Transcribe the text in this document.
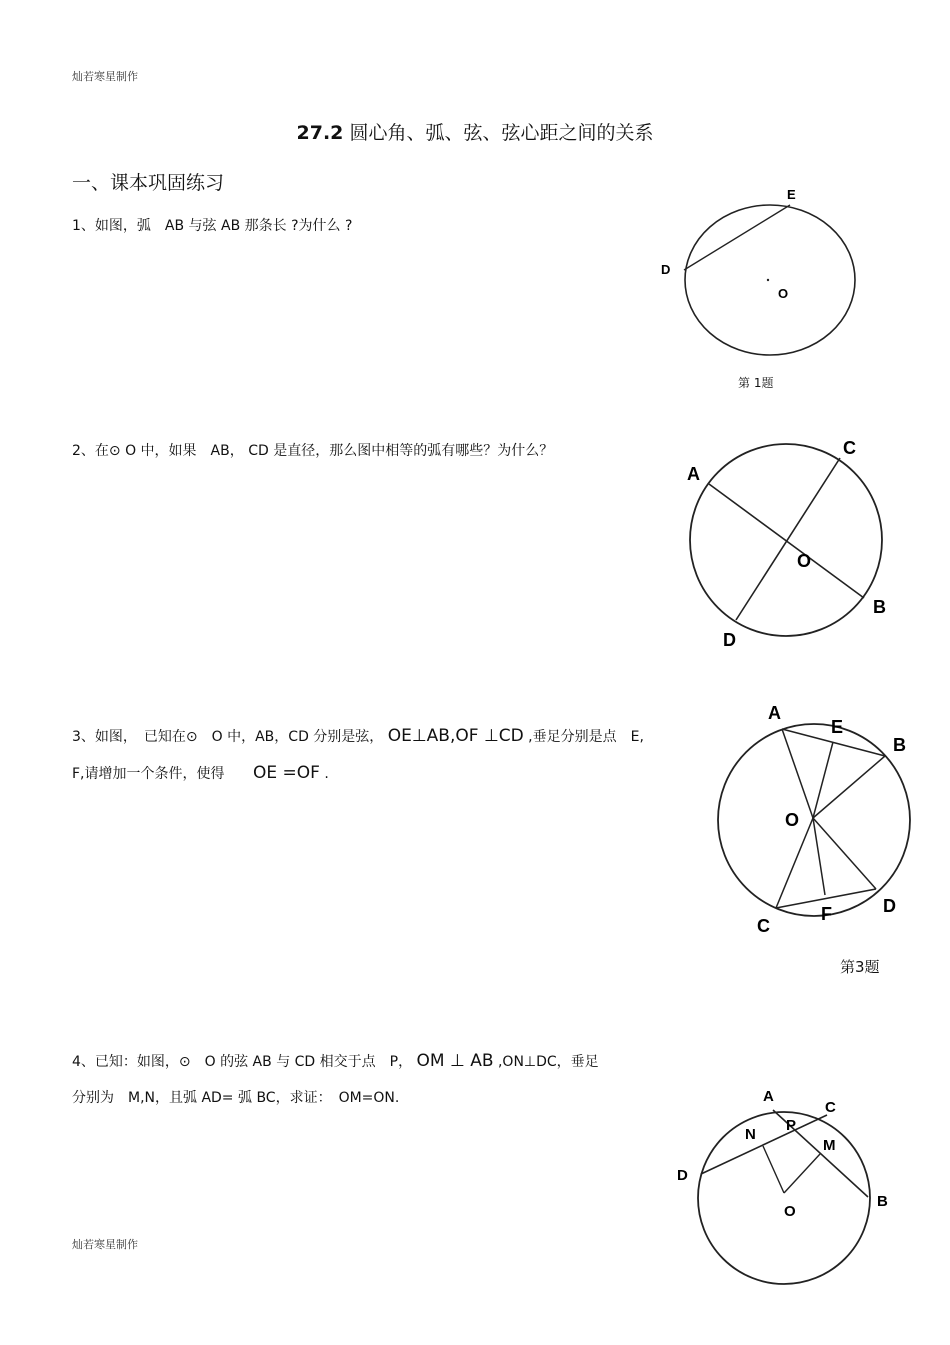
灿若寒星制作
27.2 圆心角、弧、弦、弦心距之间的关系
一、课本巩固练习
1、如图，弧　AB 与弦 AB 那条长 ?为什么 ?
E
D
O
第 1题
2、在⊙ O 中，如果　AB， CD 是直径，那么图中相等的弧有哪些？为什么？
A
C
O
B
D
3、如图，　已知在⊙　O 中，AB，CD 分别是弦， OE⊥AB,OF ⊥CD ,垂足分别是点　E,
F,请增加一个条件，使得 OE =OF .
A
E
B
O
D
F
C
第3题
4、已知：如图，⊙　O 的弦 AB 与 CD 相交于点　P， OM ⊥ AB ,ON⊥DC，垂足
分别为　M,N，且弧 AD= 弧 BC，求证：　OM=ON.	A
C
N
P
M
D
B
O
灿若寒星制作
